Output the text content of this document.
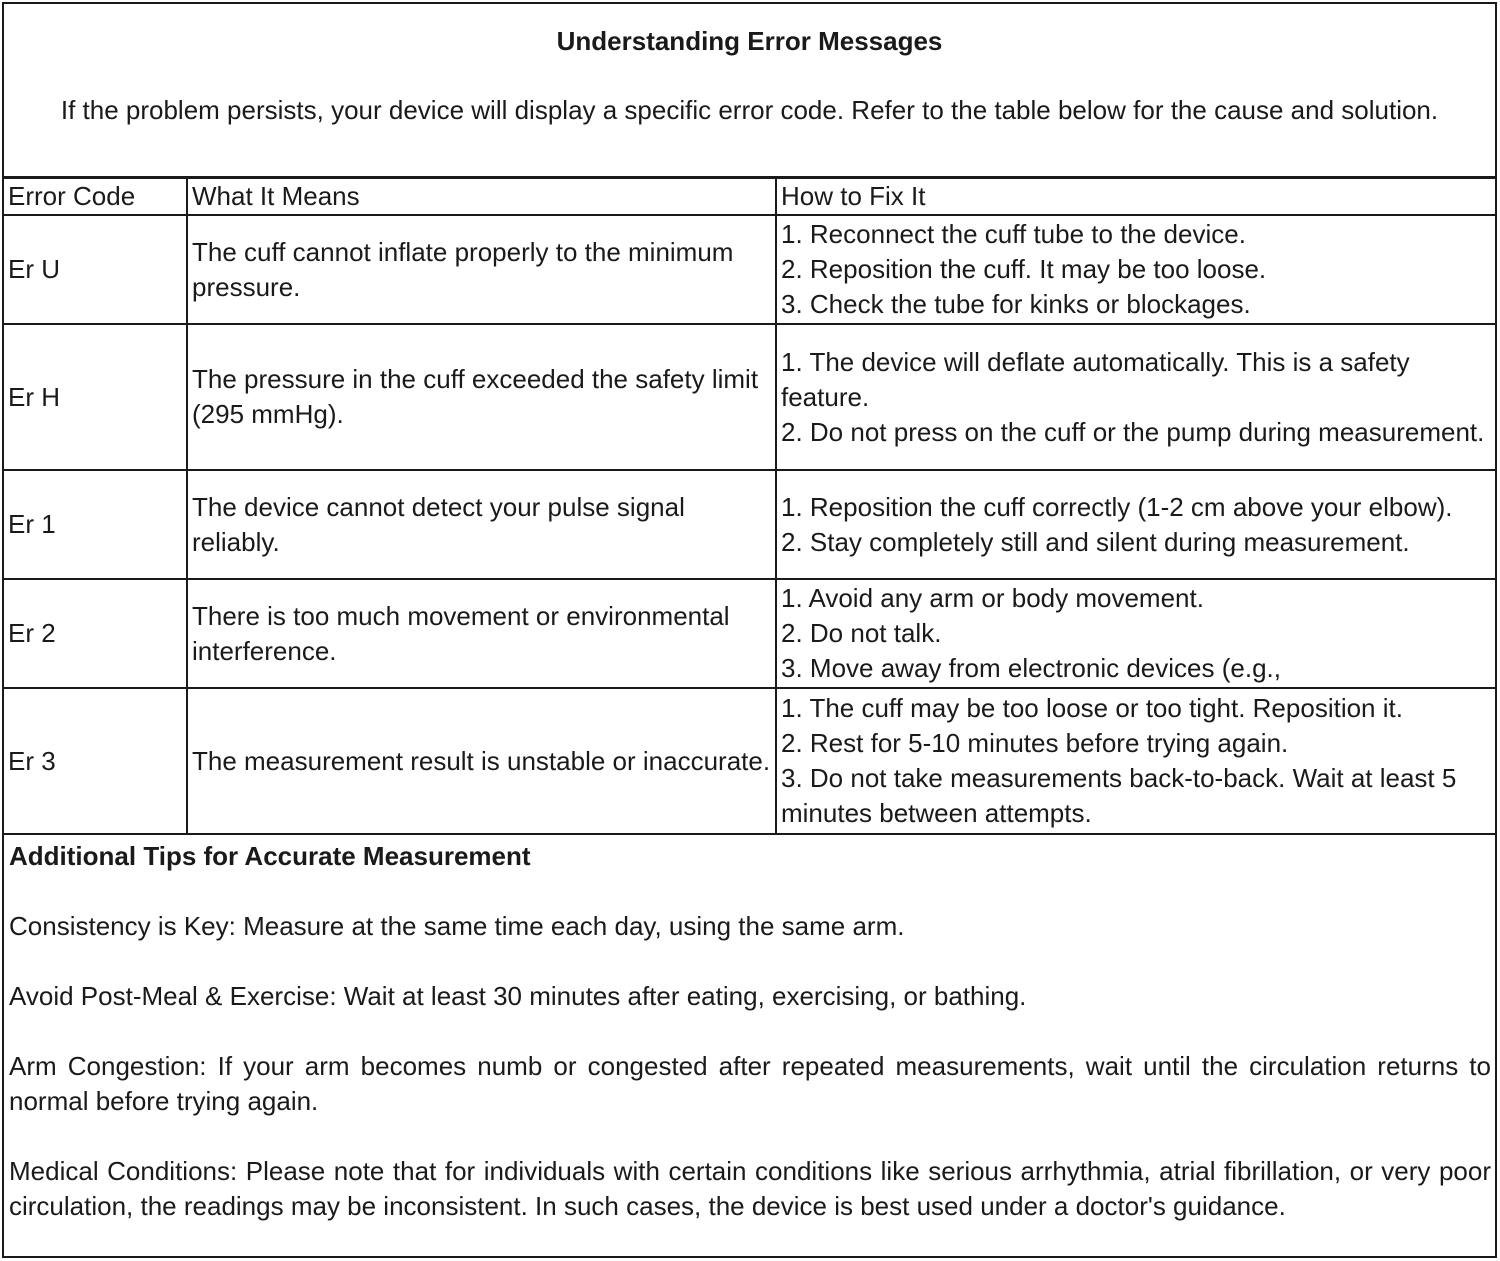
Understanding Error Messages
If the problem persists, your device will display a specific error code. Refer to the table below for the cause and solution.
Error Code	What It Means	How to Fix It
Er U	The cuff cannot inflate properly to the minimum pressure.	1. Reconnect the cuff tube to the device.
2. Reposition the cuff. It may be too loose.
3. Check the tube for kinks or blockages.

Er H	The pressure in the cuff exceeded the safety limit (295 mmHg).	1. The device will deflate automatically. This is a safety feature.
2. Do not press on the cuff or the pump during measurement.

Er 1	The device cannot detect your pulse signal reliably.	1. Reposition the cuff correctly (1-2 cm above your elbow).
2. Stay completely still and silent during measurement.

Er 2	There is too much movement or environmental interference.	1. Avoid any arm or body movement.
2. Do not talk.
3. Move away from electronic devices (e.g.,

Er 3	The measurement result is unstable or inaccurate.	1. The cuff may be too loose or too tight. Reposition it.
2. Rest for 5-10 minutes before trying again.
3. Do not take measurements back-to-back. Wait at least 5 minutes between attempts.
Additional Tips for Accurate Measurement
Consistency is Key: Measure at the same time each day, using the same arm.
Avoid Post-Meal & Exercise: Wait at least 30 minutes after eating, exercising, or bathing.
Arm Congestion: If your arm becomes numb or congested after repeated measurements, wait until the circulation returns to normal before trying again.
Medical Conditions: Please note that for individuals with certain conditions like serious arrhythmia, atrial fibrillation, or very poor circulation, the readings may be inconsistent. In such cases, the device is best used under a doctor's guidance.
